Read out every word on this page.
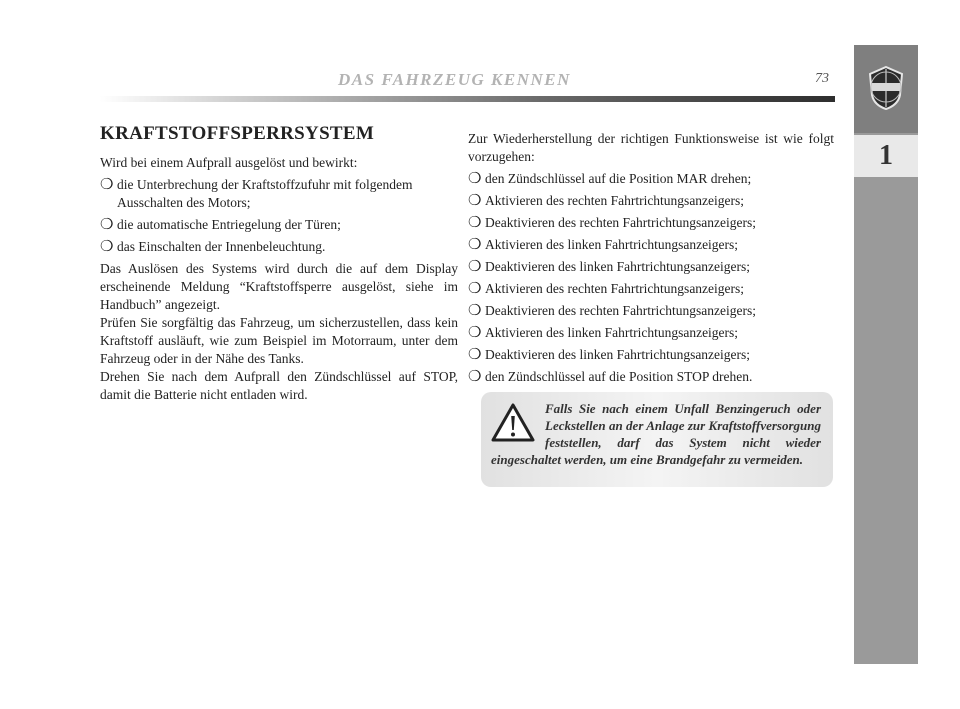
DAS FAHRZEUG KENNEN	73
1
KRAFTSTOFFSPERRSYSTEM

Wird bei einem Aufprall ausgelöst und bewirkt:

❍ die Unterbrechung der Kraftstoffzufuhr mit folgendem Ausschalten des Motors;
❍ die automatische Entriegelung der Türen;
❍ das Einschalten der Innenbeleuchtung.

Das Auslösen des Systems wird durch die auf dem Display erscheinende Meldung “Kraftstoffsperre ausgelöst, siehe im Handbuch” angezeigt.

Prüfen Sie sorgfältig das Fahrzeug, um sicherzustellen, dass kein Kraftstoff ausläuft, wie zum Beispiel im Motorraum, unter dem Fahrzeug oder in der Nähe des Tanks.

Drehen Sie nach dem Aufprall den Zündschlüssel auf STOP, damit die Batterie nicht entladen wird.

Zur Wiederherstellung der richtigen Funktionsweise ist wie folgt vorzugehen:

❍ den Zündschlüssel auf die Position MAR drehen;
❍ Aktivieren des rechten Fahrtrichtungsanzeigers;
❍ Deaktivieren des rechten Fahrtrichtungsanzeigers;
❍ Aktivieren des linken Fahrtrichtungsanzeigers;
❍ Deaktivieren des linken Fahrtrichtungsanzeigers;
❍ Aktivieren des rechten Fahrtrichtungsanzeigers;
❍ Deaktivieren des rechten Fahrtrichtungsanzeigers;
❍ Aktivieren des linken Fahrtrichtungsanzeigers;
❍ Deaktivieren des linken Fahrtrichtungsanzeigers;
❍ den Zündschlüssel auf die Position STOP drehen.

Falls Sie nach einem Unfall Benzingeruch oder Leckstellen an der Anlage zur Kraftstoffversorgung feststellen, darf das System nicht wieder eingeschaltet werden, um eine Brandgefahr zu vermeiden.
